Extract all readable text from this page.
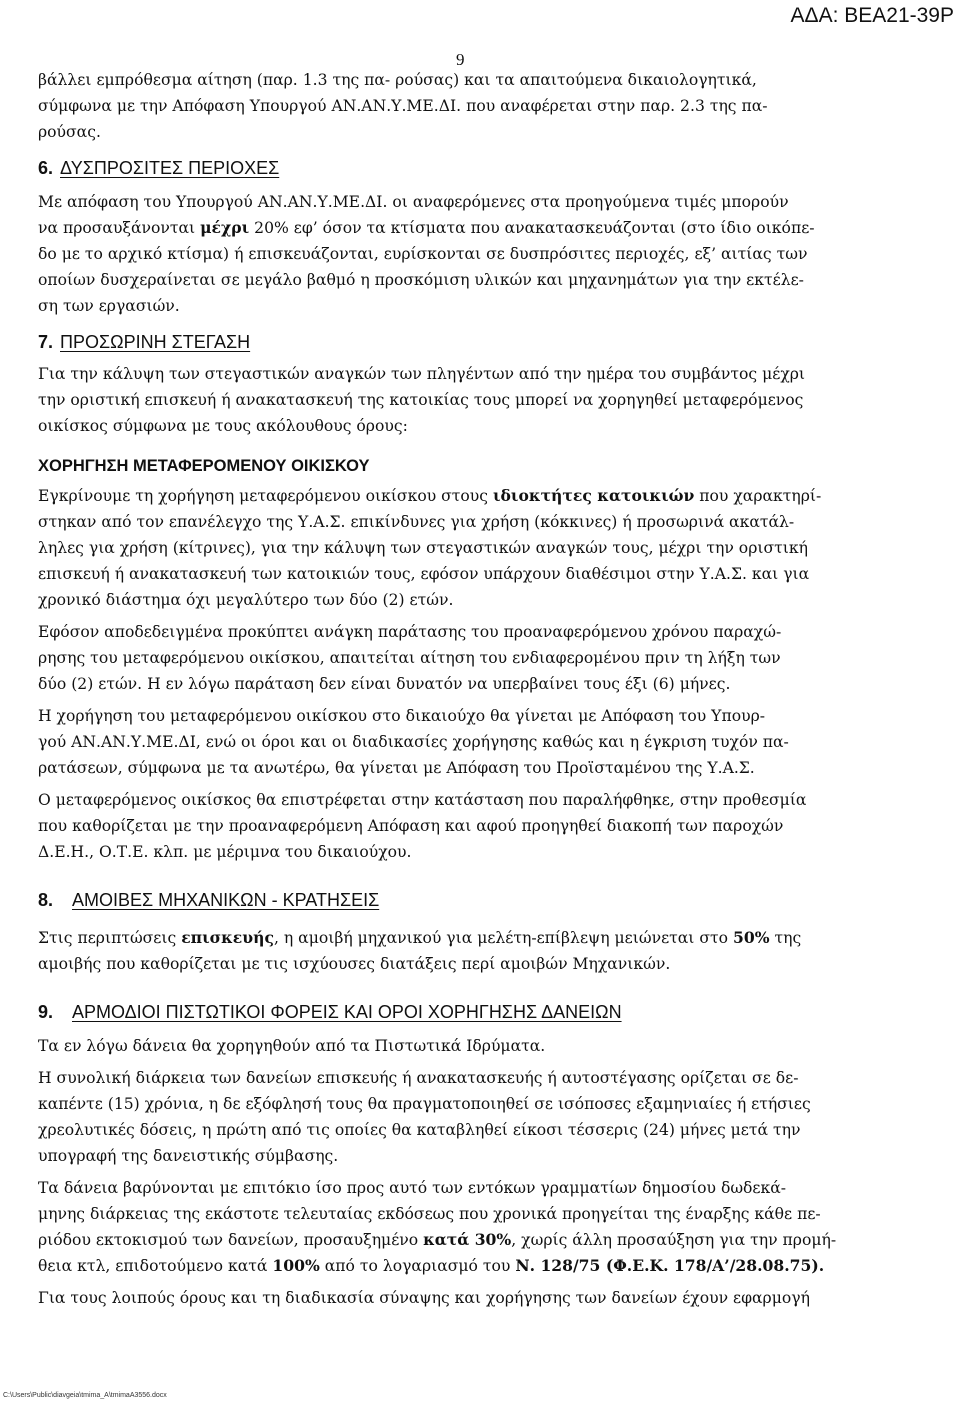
ΑΔΑ: ΒΕΑ21-39Ρ
9

βάλλει εμπρόθεσμα αίτηση (παρ. 1.3 της πα- ρούσας) και τα απαιτούμενα δικαιολογητικά,
σύμφωνα με την Απόφαση Υπουργού ΑΝ.ΑΝ.Υ.ΜΕ.ΔΙ. που αναφέρεται στην παρ. 2.3 της πα-
ρούσας.

6. ΔΥΣΠΡΟΣΙΤΕΣ ΠΕΡΙΟΧΕΣ

Με απόφαση του Υπουργού ΑΝ.ΑΝ.Υ.ΜΕ.ΔΙ. οι αναφερόμενες στα προηγούμενα τιμές μπορούν
να προσαυξάνονται μέχρι 20% εφ’ όσον τα κτίσματα που ανακατασκευάζονται (στο ίδιο οικόπε-
δο με το αρχικό κτίσμα) ή επισκευάζονται, ευρίσκονται σε δυσπρόσιτες περιοχές, εξ’ αιτίας των
οποίων δυσχεραίνεται σε μεγάλο βαθμό η προσκόμιση υλικών και μηχανημάτων για την εκτέλε-
ση των εργασιών.

7. ΠΡΟΣΩΡΙΝΗ ΣΤΕΓΑΣΗ

Για την κάλυψη των στεγαστικών αναγκών των πληγέντων από την ημέρα του συμβάντος μέχρι
την οριστική επισκευή ή ανακατασκευή της κατοικίας τους μπορεί να χορηγηθεί μεταφερόμενος
οικίσκος σύμφωνα με τους ακόλουθους όρους:

ΧΟΡΗΓΗΣΗ ΜΕΤΑΦΕΡΟΜΕΝΟΥ ΟΙΚΙΣΚΟΥ

Εγκρίνουμε τη χορήγηση μεταφερόμενου οικίσκου στους ιδιοκτήτες κατοικιών που χαρακτηρί-
στηκαν από τον επανέλεγχο της Υ.Α.Σ. επικίνδυνες για χρήση (κόκκινες) ή προσωρινά ακατάλ-
ληλες για χρήση (κίτρινες), για την κάλυψη των στεγαστικών αναγκών τους, μέχρι την οριστική
επισκευή ή ανακατασκευή των κατοικιών τους, εφόσον υπάρχουν διαθέσιμοι στην Υ.Α.Σ. και για
χρονικό διάστημα όχι μεγαλύτερο των δύο (2) ετών.

Εφόσον αποδεδειγμένα προκύπτει ανάγκη παράτασης του προαναφερόμενου χρόνου παραχώ-
ρησης του μεταφερόμενου οικίσκου, απαιτείται αίτηση του ενδιαφερομένου πριν τη λήξη των
δύο (2) ετών. Η εν λόγω παράταση δεν είναι δυνατόν να υπερβαίνει τους έξι (6) μήνες.

Η χορήγηση του μεταφερόμενου οικίσκου στο δικαιούχο θα γίνεται με Απόφαση του Υπουρ-
γού ΑΝ.ΑΝ.Υ.ΜΕ.ΔΙ, ενώ οι όροι και οι διαδικασίες χορήγησης καθώς και η έγκριση τυχόν πα-
ρατάσεων, σύμφωνα με τα ανωτέρω, θα γίνεται με Απόφαση του Προϊσταμένου της Υ.Α.Σ.

Ο μεταφερόμενος οικίσκος θα επιστρέφεται στην κατάσταση που παραλήφθηκε, στην προθεσμία
που καθορίζεται με την προαναφερόμενη Απόφαση και αφού προηγηθεί διακοπή των παροχών
Δ.Ε.Η., Ο.Τ.Ε. κλπ. με μέριμνα του δικαιούχου.

8.	ΑΜΟΙΒΕΣ ΜΗΧΑΝΙΚΩΝ - ΚΡΑΤΗΣΕΙΣ

Στις περιπτώσεις επισκευής, η αμοιβή μηχανικού για μελέτη-επίβλεψη μειώνεται στο 50% της
αμοιβής που καθορίζεται με τις ισχύουσες διατάξεις περί αμοιβών Μηχανικών.

9.	ΑΡΜΟΔΙΟΙ ΠΙΣΤΩΤΙΚΟΙ ΦΟΡΕΙΣ ΚΑΙ ΟΡΟΙ ΧΟΡΗΓΗΣΗΣ ΔΑΝΕΙΩΝ

Τα εν λόγω δάνεια θα χορηγηθούν από τα Πιστωτικά Ιδρύματα.

Η συνολική διάρκεια των δανείων επισκευής ή ανακατασκευής ή αυτοστέγασης ορίζεται σε δε-
καπέντε (15) χρόνια, η δε εξόφλησή τους θα πραγματοποιηθεί σε ισόποσες εξαμηνιαίες ή ετήσιες
χρεολυτικές δόσεις, η πρώτη από τις οποίες θα καταβληθεί είκοσι τέσσερις (24) μήνες μετά την
υπογραφή της δανειστικής σύμβασης.

Τα δάνεια βαρύνονται με επιτόκιο ίσο προς αυτό των εντόκων γραμματίων δημοσίου δωδεκά-
μηνης διάρκειας της εκάστοτε τελευταίας εκδόσεως που χρονικά προηγείται της έναρξης κάθε πε-
ριόδου εκτοκισμού των δανείων, προσαυξημένο κατά 30%, χωρίς άλλη προσαύξηση για την προμή-
θεια κτλ, επιδοτούμενο κατά 100% από το λογαριασμό του Ν. 128/75 (Φ.Ε.Κ. 178/Α’/28.08.75).

Για τους λοιπούς όρους και τη διαδικασία σύναψης και χορήγησης των δανείων έχουν εφαρμογή

C:\Users\Public\diavgeia\tmima_A\tmimaA3556.docx
